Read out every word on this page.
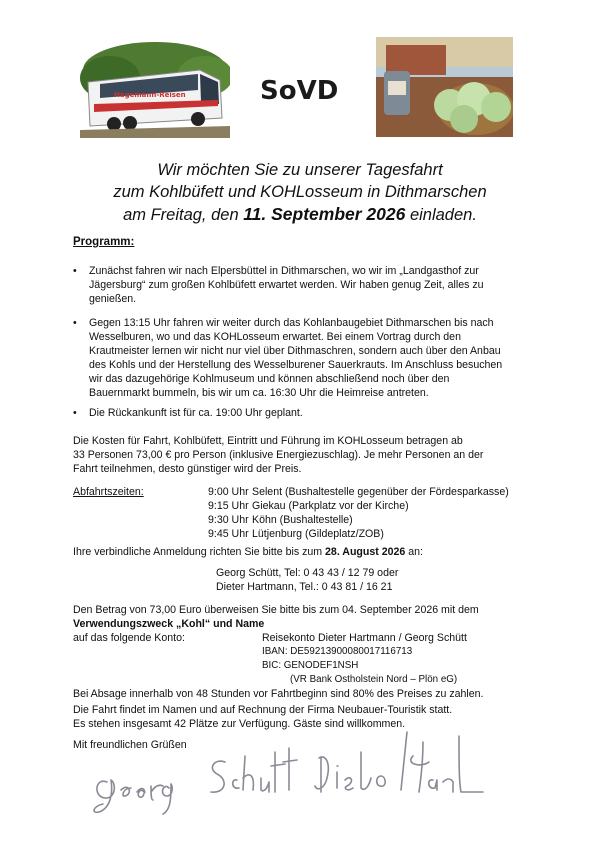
Hagemann-Reisen	SoVD
Wir möchten Sie zu unserer Tagesfahrt
zum Kohlbüfett und KOHLosseum in Dithmarschen
am Freitag, den 11. September 2026 einladen.
Programm:
•	Zunächst fahren wir nach Elpersbüttel in Dithmarschen, wo wir im „Landgasthof zur
Jägersburg“ zum großen Kohlbüfett erwartet werden. Wir haben genug Zeit, alles zu
genießen.
•	Gegen 13:15 Uhr fahren wir weiter durch das Kohlanbaugebiet Dithmarschen bis nach
Wesselburen, wo und das KOHLosseum erwartet. Bei einem Vortrag durch den
Krautmeister lernen wir nicht nur viel über Dithmaschren, sondern auch über den Anbau
des Kohls und der Herstellung des Wesselburener Sauerkrauts. Im Anschluss besuchen
wir das dazugehörige Kohlmuseum und können abschließend noch über den
Bauernmarkt bummeln, bis wir um ca. 16:30 Uhr die Heimreise antreten.
•	Die Rückankunft ist für ca. 19:00 Uhr geplant.
Die Kosten für Fahrt, Kohlbüfett, Eintritt und Führung im KOHLosseum betragen ab
33 Personen 73,00 € pro Person (inklusive Energiezuschlag). Je mehr Personen an der
Fahrt teilnehmen, desto günstiger wird der Preis.
Abfahrtszeiten:	9:00 Uhr Selent (Bushaltestelle gegenüber der Fördesparkasse)
9:15 Uhr Giekau (Parkplatz vor der Kirche)
9:30 Uhr Köhn (Bushaltestelle)
9:45 Uhr Lütjenburg (Gildeplatz/ZOB)
Ihre verbindliche Anmeldung richten Sie bitte bis zum 28. August 2026 an:
Georg Schütt, Tel: 0 43 43 / 12 79 oder
Dieter Hartmann, Tel.: 0 43 81 / 16 21
Den Betrag von 73,00 Euro überweisen Sie bitte bis zum 04. September 2026 mit dem
Verwendungszweck „Kohl“ und Name
auf das folgende Konto:	Reisekonto Dieter Hartmann / Georg Schütt
IBAN: DE59213900080017116713
BIC: GENODEF1NSH
(VR Bank Ostholstein Nord – Plön eG)
Bei Absage innerhalb von 48 Stunden vor Fahrtbeginn sind 80% des Preises zu zahlen.
Die Fahrt findet im Namen und auf Rechnung der Firma Neubauer-Touristik statt.
Es stehen insgesamt 42 Plätze zur Verfügung. Gäste sind willkommen.
Mit freundlichen Grüßen
